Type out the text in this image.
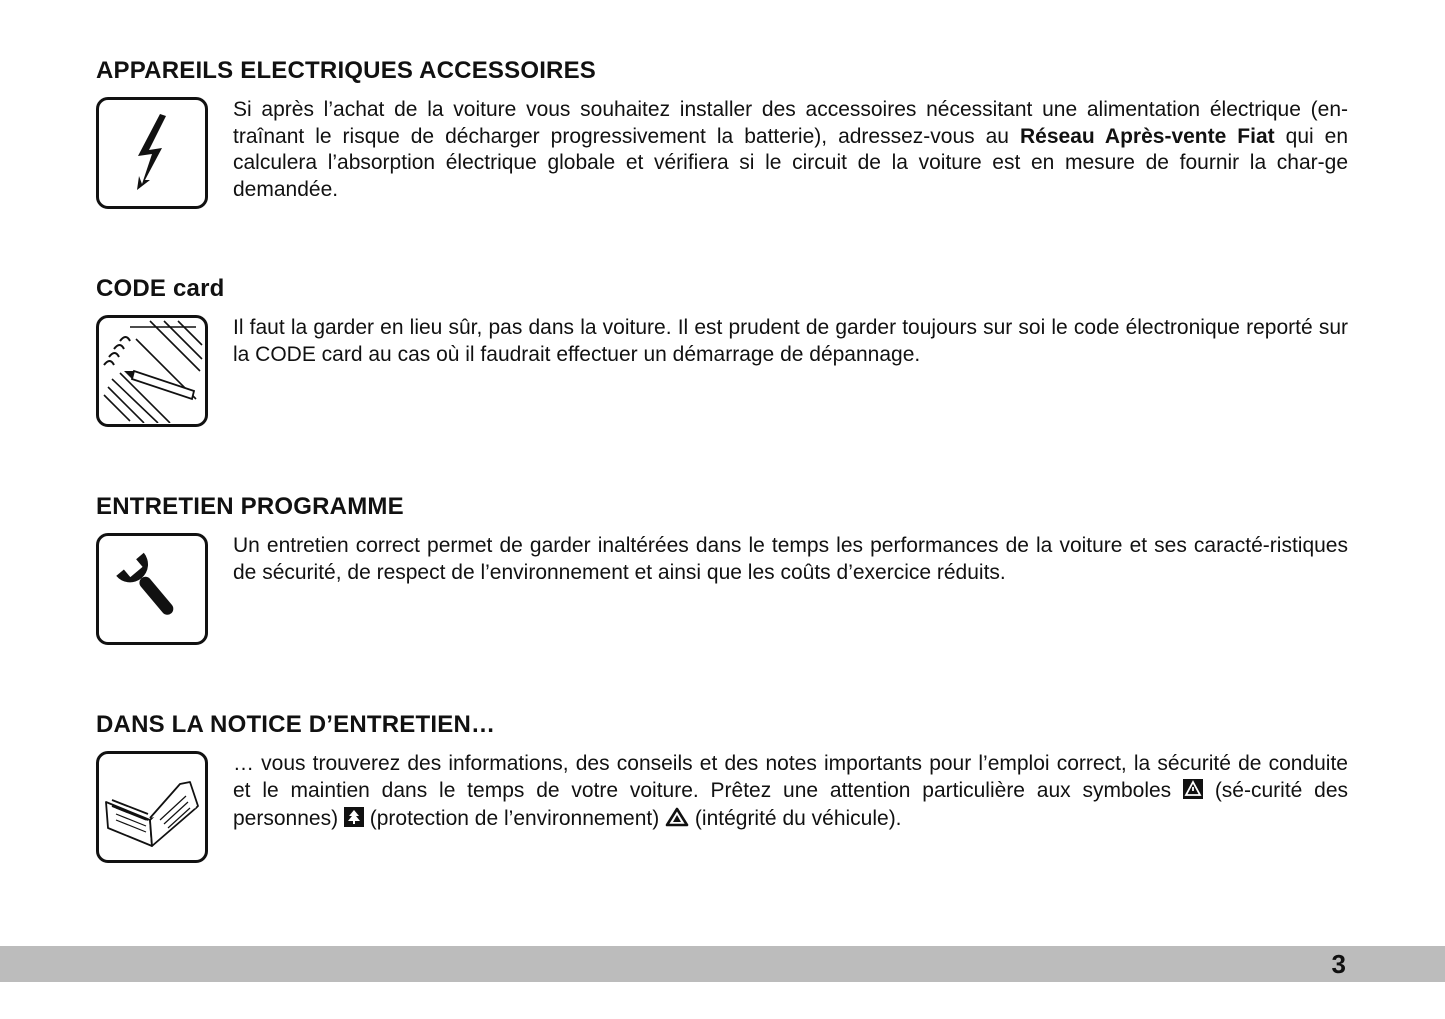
APPAREILS ELECTRIQUES ACCESSOIRES

Si après l’achat de la voiture vous souhaitez installer des accessoires nécessitant une alimentation électrique (en-traînant le risque de décharger progressivement la batterie), adressez-vous au Réseau Après-vente Fiat qui en calculera l’absorption électrique globale et vérifiera si le circuit de la voiture est en mesure de fournir la char-ge demandée.

CODE card

Il faut la garder en lieu sûr, pas dans la voiture. Il est prudent de garder toujours sur soi le code électronique reporté sur la CODE card au cas où il faudrait effectuer un démarrage de dépannage.

ENTRETIEN PROGRAMME

Un entretien correct permet de garder inaltérées dans le temps les performances de la voiture et ses caracté-ristiques de sécurité, de respect de l’environnement et ainsi que les coûts d’exercice réduits.

DANS LA NOTICE D’ENTRETIEN…

… vous trouverez des informations, des conseils et des notes importants pour l’emploi correct, la sécurité de conduite et le maintien dans le temps de votre voiture. Prêtez une attention particulière aux symboles  (sé-curité des personnes)  (protection de l’environnement)  (intégrité du véhicule).

3
